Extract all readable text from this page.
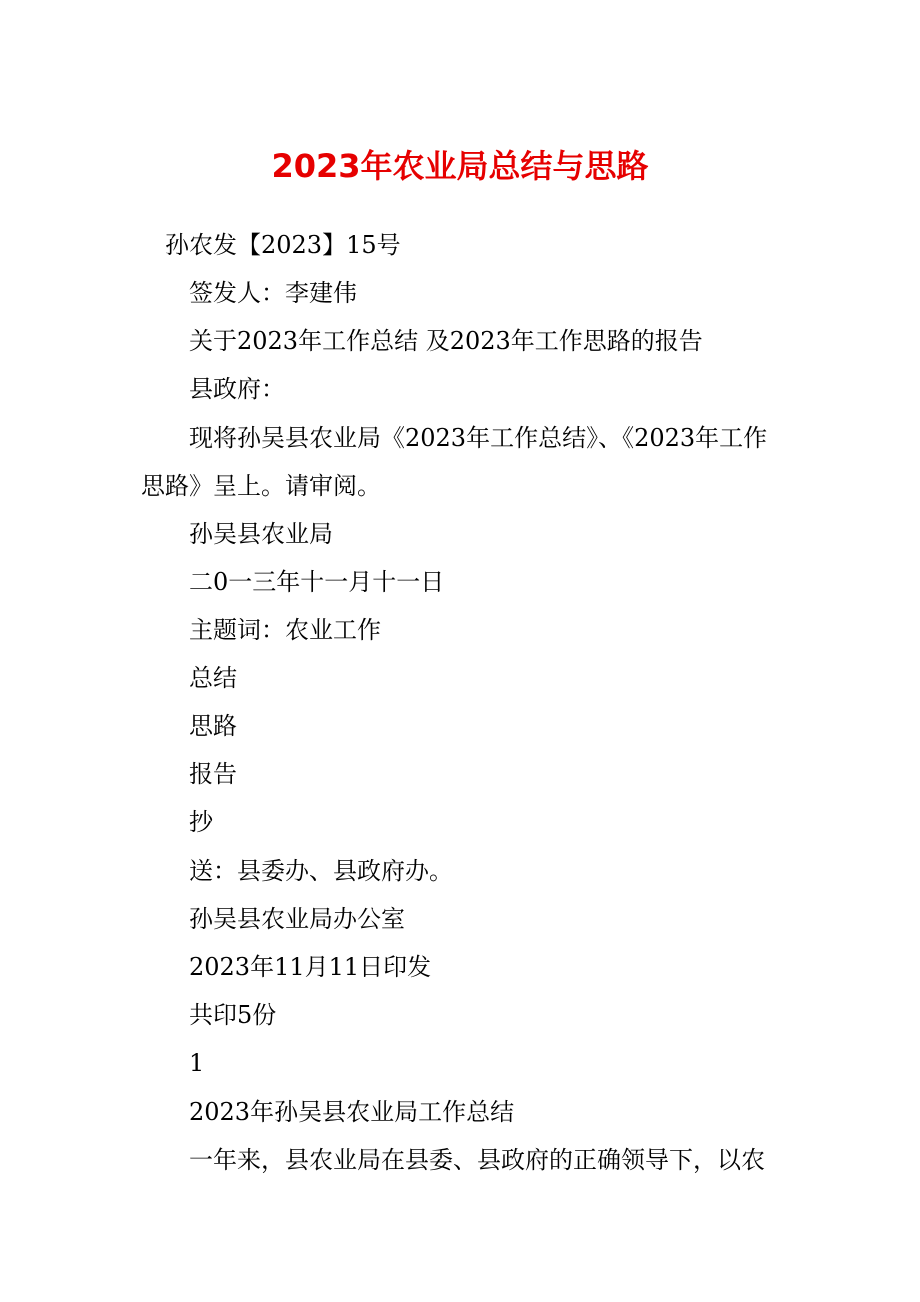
2023年农业局总结与思路

孙农发【2023】15号

签发人：李建伟

关于2023年工作总结 及2023年工作思路的报告

县政府：

现将孙吴县农业局《2023年工作总结》、《2023年工作

思路》呈上。请审阅。

孙吴县农业局

二0一三年十一月十一日

主题词：农业工作

总结

思路

报告

抄

送：县委办、县政府办。

孙吴县农业局办公室

2023年11月11日印发

共印5份

1

2023年孙吴县农业局工作总结

一年来，县农业局在县委、县政府的正确领导下，以农
